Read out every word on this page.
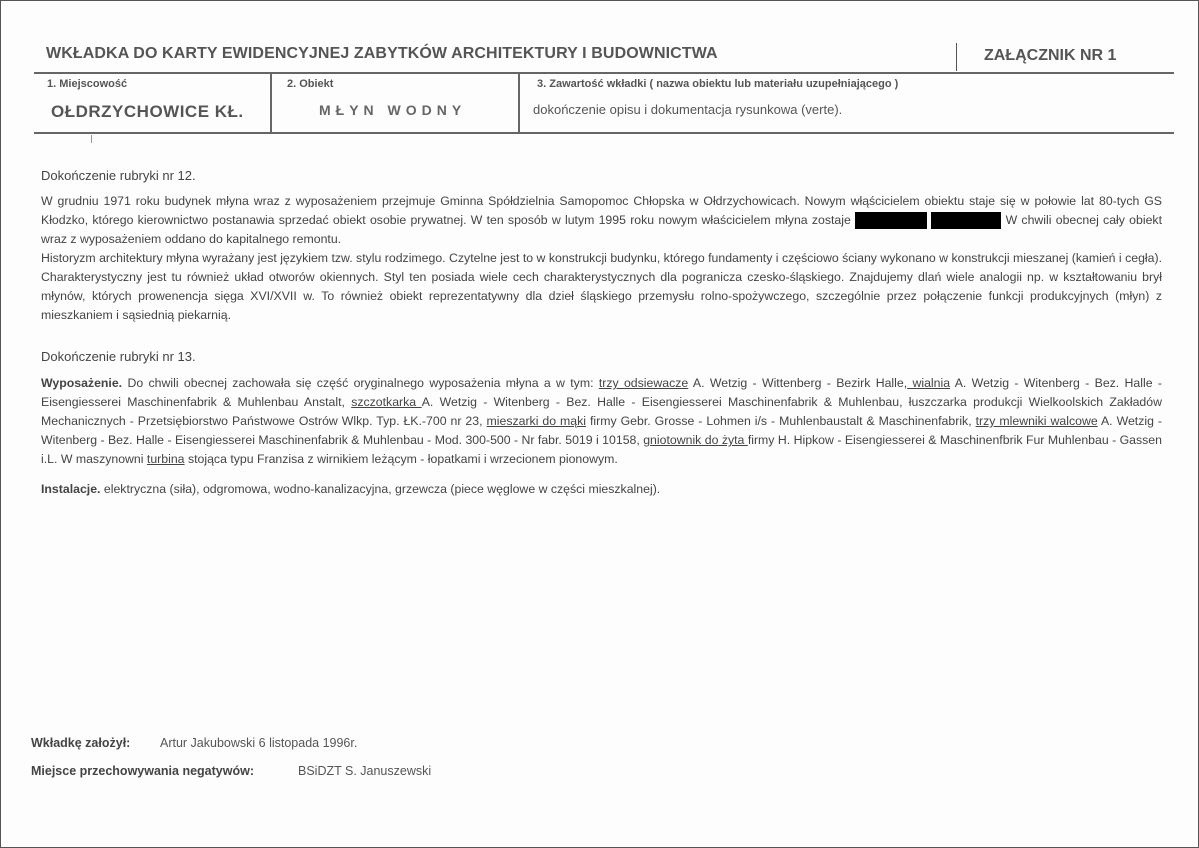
WKŁADKA DO KARTY EWIDENCYJNEJ ZABYTKÓW ARCHITEKTURY I BUDOWNICTWA	ZAŁĄCZNIK NR 1
1. Miejscowość	2. Obiekt	3. Zawartość wkładki ( nazwa obiektu lub materiału uzupełniającego )
OŁDRZYCHOWICE KŁ.	MŁYN WODNY	dokończenie opisu i dokumentacja rysunkowa (verte).
Dokończenie rubryki nr 12.
W grudniu 1971 roku budynek młyna wraz z wyposażeniem przejmuje Gminna Spółdzielnia Samopomoc Chłopska w Ołdrzychowicach. Nowym włąścicielem obiektu staje się w połowie lat 80-tych GS Kłodzko, którego kierownictwo postanawia sprzedać obiekt osobie prywatnej. W ten sposób w lutym 1995 roku nowym właścicielem młyna zostaje	W chwili obecnej cały obiekt wraz z wyposażeniem oddano do kapitalnego remontu.
Historyzm architektury młyna wyrażany jest językiem tzw. stylu rodzimego. Czytelne jest to w konstrukcji budynku, którego fundamenty i częściowo ściany wykonano w konstrukcji mieszanej (kamień i cegła). Charakterystyczny jest tu również układ otworów okiennych. Styl ten posiada wiele cech charakterystycznych dla pogranicza czesko-śląskiego. Znajdujemy dlań wiele analogii np. w kształtowaniu brył młynów, których prowenencja sięga XVI/XVII w. To również obiekt reprezentatywny dla dzieł śląskiego przemysłu rolno-spożywczego, szczególnie przez połączenie funkcji produkcyjnych (młyn) z mieszkaniem i sąsiednią piekarnią.
Dokończenie rubryki nr 13.
Wyposażenie. Do chwili obecnej zachowała się część oryginalnego wyposażenia młyna a w tym: trzy odsiewacze A. Wetzig - Wittenberg - Bezirk Halle, wialnia A. Wetzig - Witenberg - Bez. Halle - Eisengiesserei Maschinenfabrik & Muhlenbau Anstalt, szczotkarka A. Wetzig - Witenberg - Bez. Halle - Eisengiesserei Maschinenfabrik & Muhlenbau, łuszczarka produkcji Wielkoolskich Zakładów Mechanicznych - Przetsiębiorstwo Państwowe Ostrów Wlkp. Typ. ŁK.-700 nr 23, mieszarki do mąki firmy Gebr. Grosse - Lohmen i/s - Muhlenbaustalt & Maschinenfabrik, trzy mlewniki walcowe A. Wetzig - Witenberg - Bez. Halle - Eisengiesserei Maschinenfabrik & Muhlenbau - Mod. 300-500 - Nr fabr. 5019 i 10158, gniotownik do żyta firmy H. Hipkow - Eisengiesserei & Maschinenfbrik Fur Muhlenbau - Gassen i.L. W maszynowni turbina stojąca typu Franzisa z wirnikiem leżącym - łopatkami i wrzecionem pionowym.
Instalacje. elektryczna (siła), odgromowa, wodno-kanalizacyjna, grzewcza (piece węglowe w części mieszkalnej).
Wkładkę założył: Artur Jakubowski 6 listopada 1996r.
Miejsce przechowywania negatywów:	BSiDZT S. Januszewski
